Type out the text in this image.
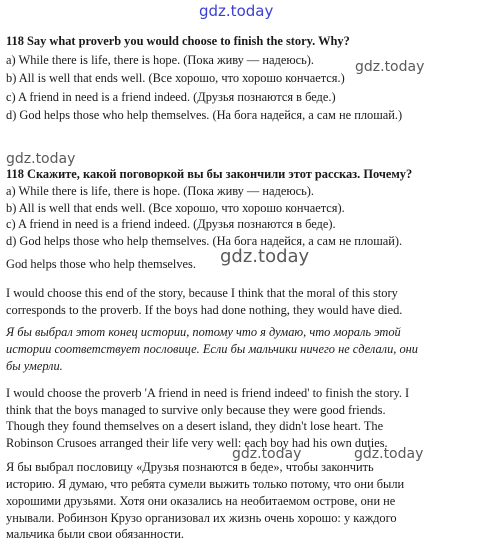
gdz.today
118 Say what proverb you would choose to finish the story. Why?
a) While there is life, there is hope. (Пока живу — надеюсь).
b) All is well that ends well. (Все хорошо, что хорошо кончается.)
c) A friend in need is a friend indeed. (Друзья познаются в беде.)
d) God helps those who help themselves. (На бога надейся, а сам не плошай.)
gdz.today
gdz.today
118 Скажите, какой поговоркой вы бы закончили этот рассказ. Почему?
a) While there is life, there is hope. (Пока живу — надеюсь).
b) All is well that ends well. (Все хорошо, что хорошо кончается).
c) A friend in need is a friend indeed. (Друзья познаются в беде).
d) God helps those who help themselves. (На бога надейся, а сам не плошай).
God helps those who help themselves. gdz.today
I would choose this end of the story, because I think that the moral of this story
corresponds to the proverb. If the boys had done nothing, they would have died.
Я бы выбрал этот конец истории, потому что я думаю, что мораль этой
истории соответствует пословице. Если бы мальчики ничего не сделали, они
бы умерли.
I would choose the proverb 'A friend in need is friend indeed' to finish the story. I
think that the boys managed to survive only because they were good friends.
Though they found themselves on a desert island, they didn't lose heart. The
Robinson Crusoes arranged their life very well: each boy had his own duties.
gdz.today	gdz.today
Я бы выбрал пословицу «Друзья познаются в беде», чтобы закончить
историю. Я думаю, что ребята сумели выжить только потому, что они были
хорошими друзьями. Хотя они оказались на необитаемом острове, они не
унывали. Робинзон Крузо организовал их жизнь очень хорошо: у каждого
мальчика были свои обязанности.
